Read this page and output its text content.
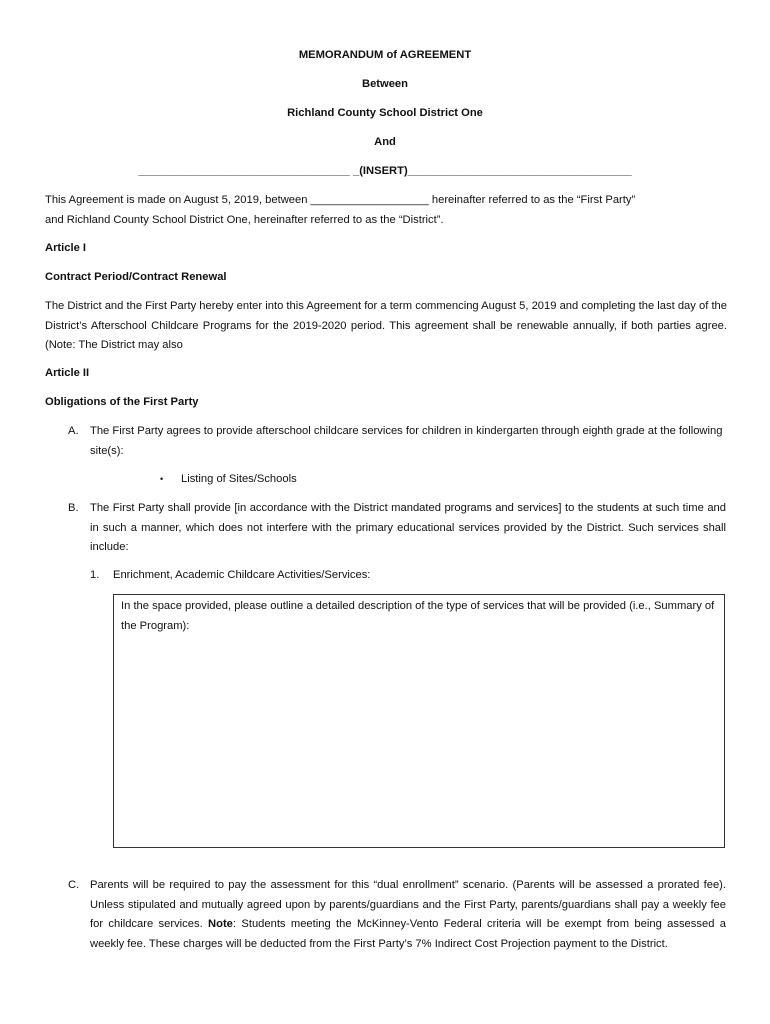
MEMORANDUM of AGREEMENT
Between
Richland County School District One
And
__________________________________ _(INSERT)____________________________________
This Agreement is made on August 5, 2019, between ___________________ hereinafter referred to as the “First Party”
and Richland County School District One, hereinafter referred to as the “District”.
Article I
Contract Period/Contract Renewal
The District and the First Party hereby enter into this Agreement for a term commencing August 5, 2019 and completing the last day of the District’s Afterschool Childcare Programs for the 2019-2020 period. This agreement shall be renewable annually, if both parties agree. (Note: The District may also
Article II
Obligations of the First Party
A. The First Party agrees to provide afterschool childcare services for children in kindergarten through eighth grade at the following site(s):
• Listing of Sites/Schools
B. The First Party shall provide [in accordance with the District mandated programs and services] to the students at such time and in such a manner, which does not interfere with the primary educational services provided by the District. Such services shall include:
1. Enrichment, Academic Childcare Activities/Services:
In the space provided, please outline a detailed description of the type of services that will be provided (i.e., Summary of the Program):
C. Parents will be required to pay the assessment for this “dual enrollment” scenario. (Parents will be assessed a prorated fee). Unless stipulated and mutually agreed upon by parents/guardians and the First Party, parents/guardians shall pay a weekly fee for childcare services. Note: Students meeting the McKinney-Vento Federal criteria will be exempt from being assessed a weekly fee. These charges will be deducted from the First Party’s 7% Indirect Cost Projection payment to the District.
